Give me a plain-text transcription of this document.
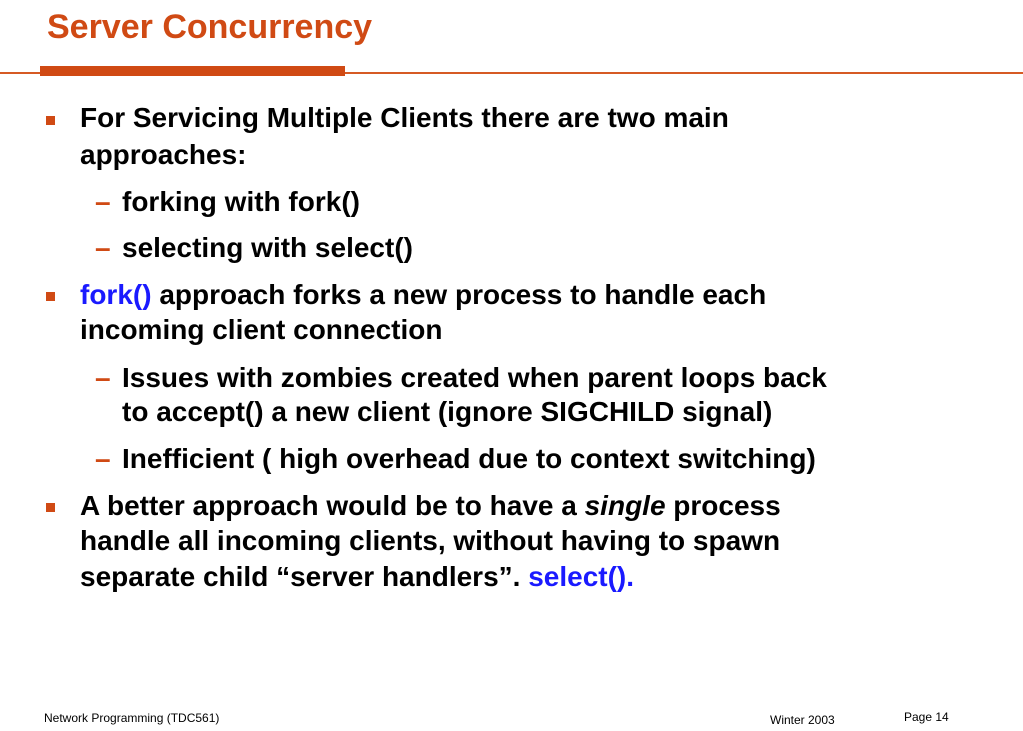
Server Concurrency
For Servicing Multiple Clients there are two main
approaches:
– forking with fork()
– selecting with select()
fork() approach forks a new process to handle each
incoming client connection
– Issues with zombies created when parent loops back
to accept() a new client (ignore SIGCHILD signal)
– Inefficient ( high overhead due to context switching)
A better approach would be to have a single process
handle all incoming clients, without having to spawn
separate child “server handlers”. select().
Network Programming (TDC561)	Winter 2003	Page 14
